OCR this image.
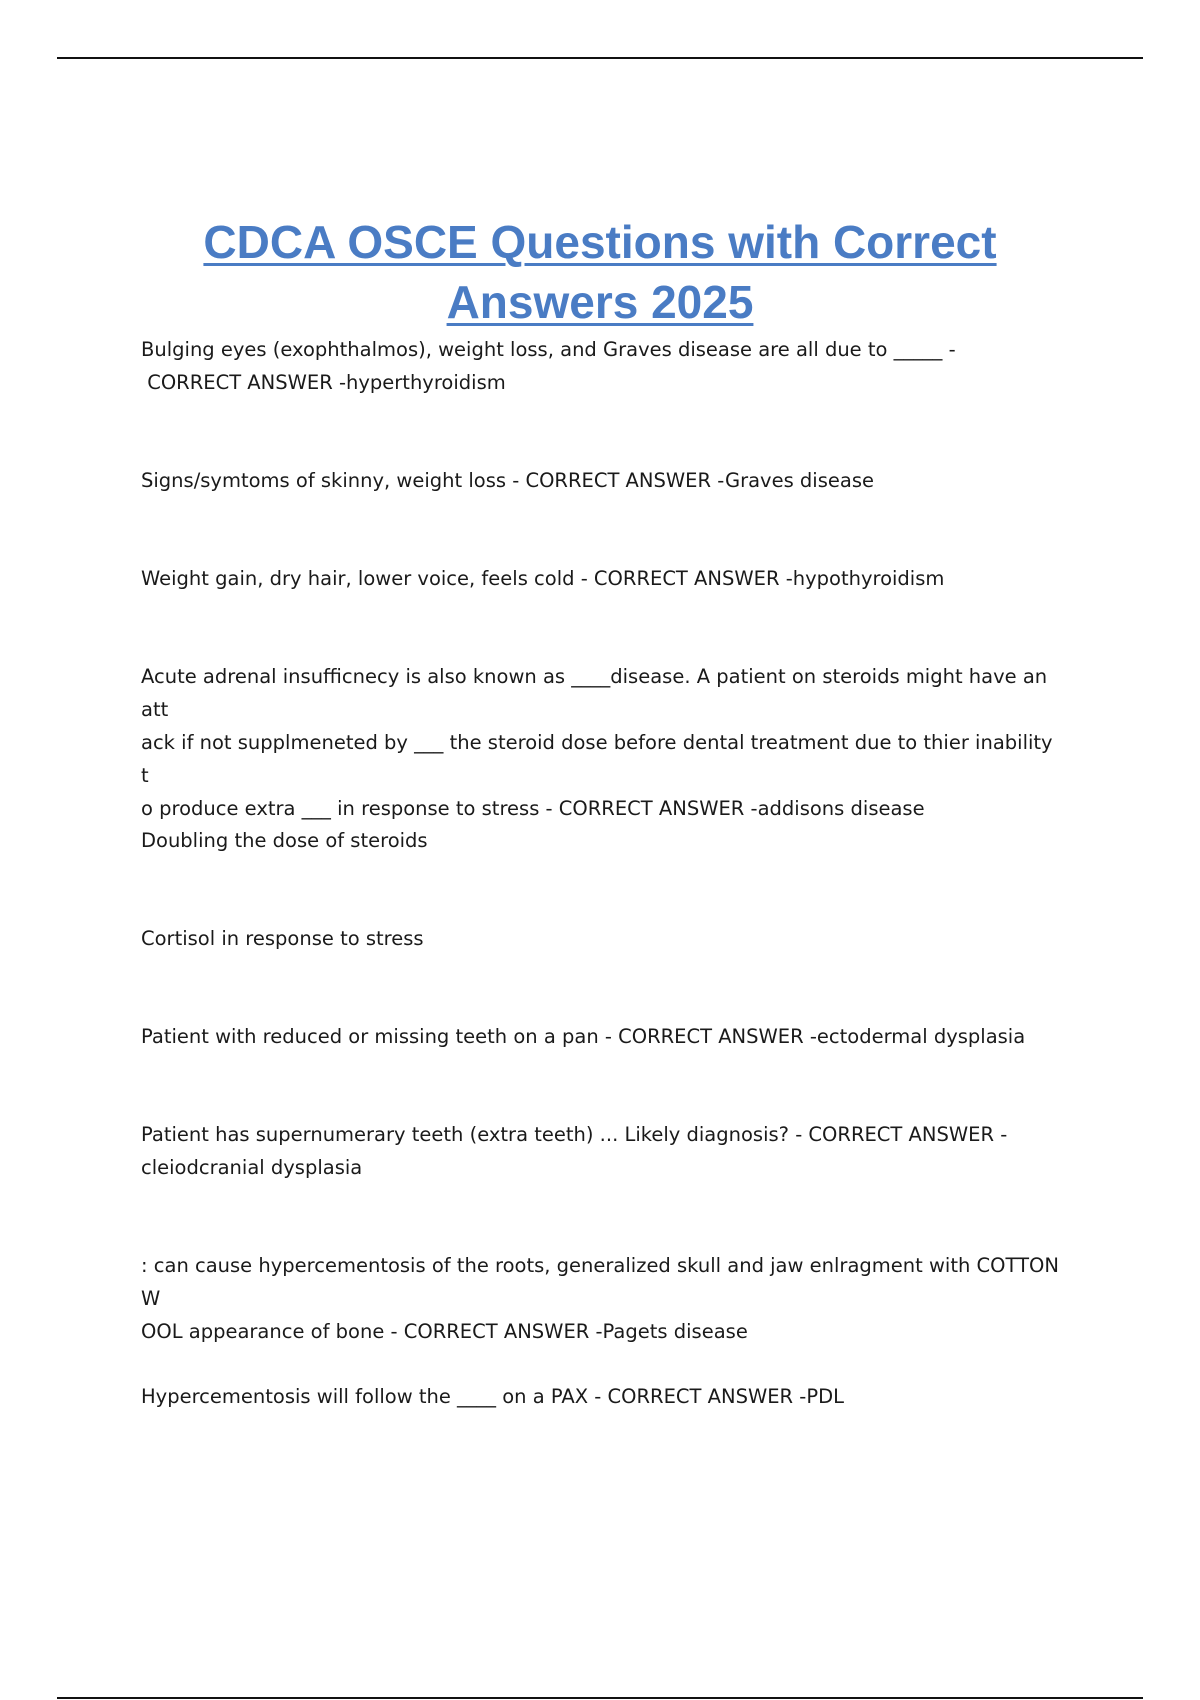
CDCA OSCE Questions with Correct
Answers 2025

Bulging eyes (exophthalmos), weight loss, and Graves disease are all due to _____ -
CORRECT ANSWER -hyperthyroidism

Signs/symtoms of skinny, weight loss - CORRECT ANSWER -Graves disease

Weight gain, dry hair, lower voice, feels cold - CORRECT ANSWER -hypothyroidism

Acute adrenal insufficnecy is also known as ____disease. A patient on steroids might have an att
ack if not supplmeneted by ___ the steroid dose before dental treatment due to thier inability t
o produce extra ___ in response to stress - CORRECT ANSWER -addisons disease

Doubling the dose of steroids

Cortisol in response to stress

Patient with reduced or missing teeth on a pan - CORRECT ANSWER -ectodermal dysplasia

Patient has supernumerary teeth (extra teeth) ... Likely diagnosis? - CORRECT ANSWER -
cleiodcranial dysplasia

: can cause hypercementosis of the roots, generalized skull and jaw enlragment with COTTON W
OOL appearance of bone - CORRECT ANSWER -Pagets disease

Hypercementosis will follow the ____ on a PAX - CORRECT ANSWER -PDL
